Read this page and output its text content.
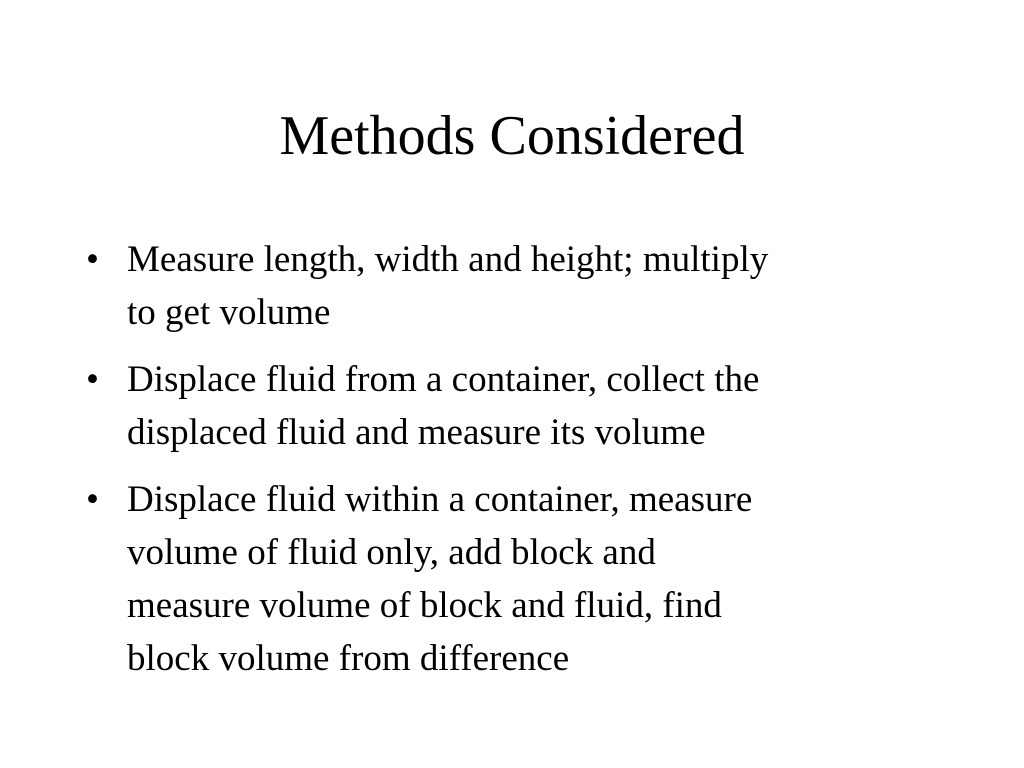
Methods Considered
• Measure length, width and height; multiply
to get volume
• Displace fluid from a container, collect the
displaced fluid and measure its volume
• Displace fluid within a container, measure
volume of fluid only, add block and
measure volume of block and fluid, find
block volume from difference
